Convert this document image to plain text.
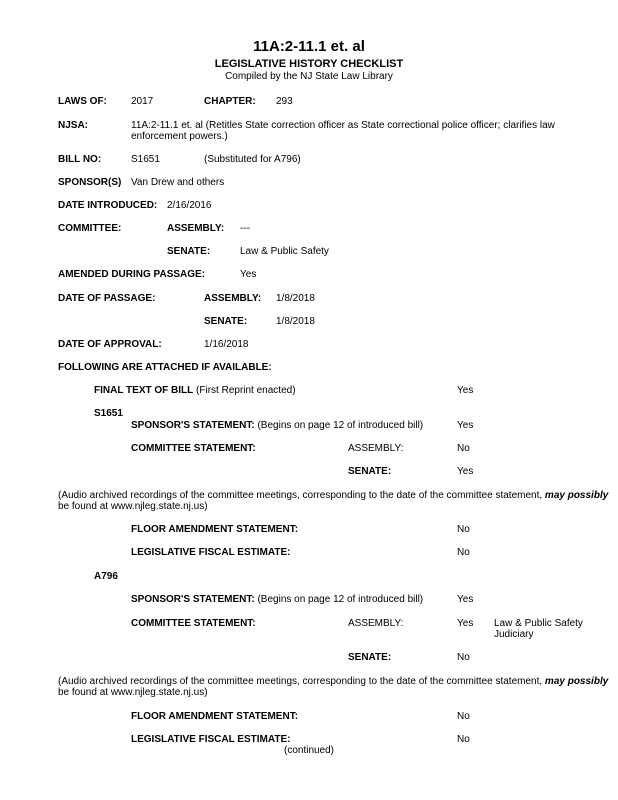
11A:2-11.1 et. al
LEGISLATIVE HISTORY CHECKLIST
Compiled by the NJ State Law Library
LAWS OF: 2017	CHAPTER: 293
NJSA:	11A:2-11.1 et. al (Retitles State correction officer as State correctional police officer; clarifies law
enforcement powers.)
BILL NO:	S1651	(Substituted for A796)
SPONSOR(S) Van Drew and others
DATE INTRODUCED: 2/16/2016
COMMITTEE:	ASSEMBLY: ---
SENATE:	Law & Public Safety
AMENDED DURING PASSAGE:	Yes
DATE OF PASSAGE:	ASSEMBLY: 1/8/2018
SENATE:	1/8/2018
DATE OF APPROVAL:	1/16/2018
FOLLOWING ARE ATTACHED IF AVAILABLE:
FINAL TEXT OF BILL (First Reprint enacted)	Yes
S1651
SPONSOR'S STATEMENT: (Begins on page 12 of introduced bill)	Yes
COMMITTEE STATEMENT:	ASSEMBLY:	No
SENATE:	Yes
(Audio archived recordings of the committee meetings, corresponding to the date of the committee statement, may possibly
be found at www.njleg.state.nj.us)
FLOOR AMENDMENT STATEMENT:	No
LEGISLATIVE FISCAL ESTIMATE:	No
A796
SPONSOR'S STATEMENT: (Begins on page 12 of introduced bill)	Yes
COMMITTEE STATEMENT:	ASSEMBLY:	Yes Law & Public Safety
Judiciary
SENATE:	No
(Audio archived recordings of the committee meetings, corresponding to the date of the committee statement, may possibly
be found at www.njleg.state.nj.us)
FLOOR AMENDMENT STATEMENT:	No
LEGISLATIVE FISCAL ESTIMATE:	No
(continued)
